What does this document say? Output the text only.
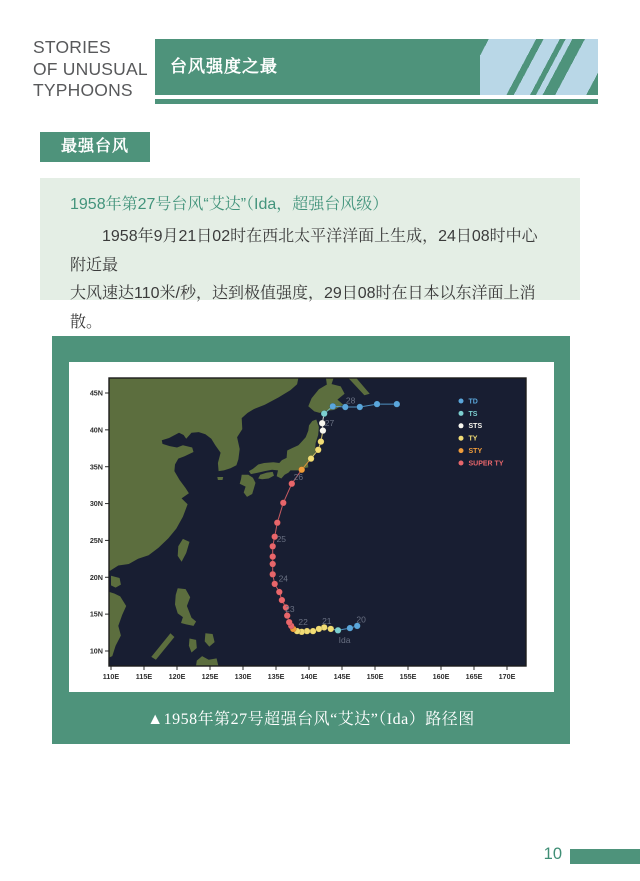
STORIES
OF UNUSUAL
TYPHOONS
台风强度之最
最强台风
1958年第27号台风“艾达”（Ida，超强台风级）
1958年9月21日02时在西北太平洋洋面上生成，24日08时中心附近最
大风速达110米/秒，达到极值强度，29日08时在日本以东洋面上消散。
45N
40N
35N
30N
25N
20N
15N
10N
110E 115E 120E 125E 130E 135E 140E 145E 150E 155E 160E 165E 170E
20
21
22
23
24
25
26
27
28
Ida
TD
TS
STS
TY
STY
SUPER TY
▲1958年第27号超强台风“艾达”（Ida）路径图
10
